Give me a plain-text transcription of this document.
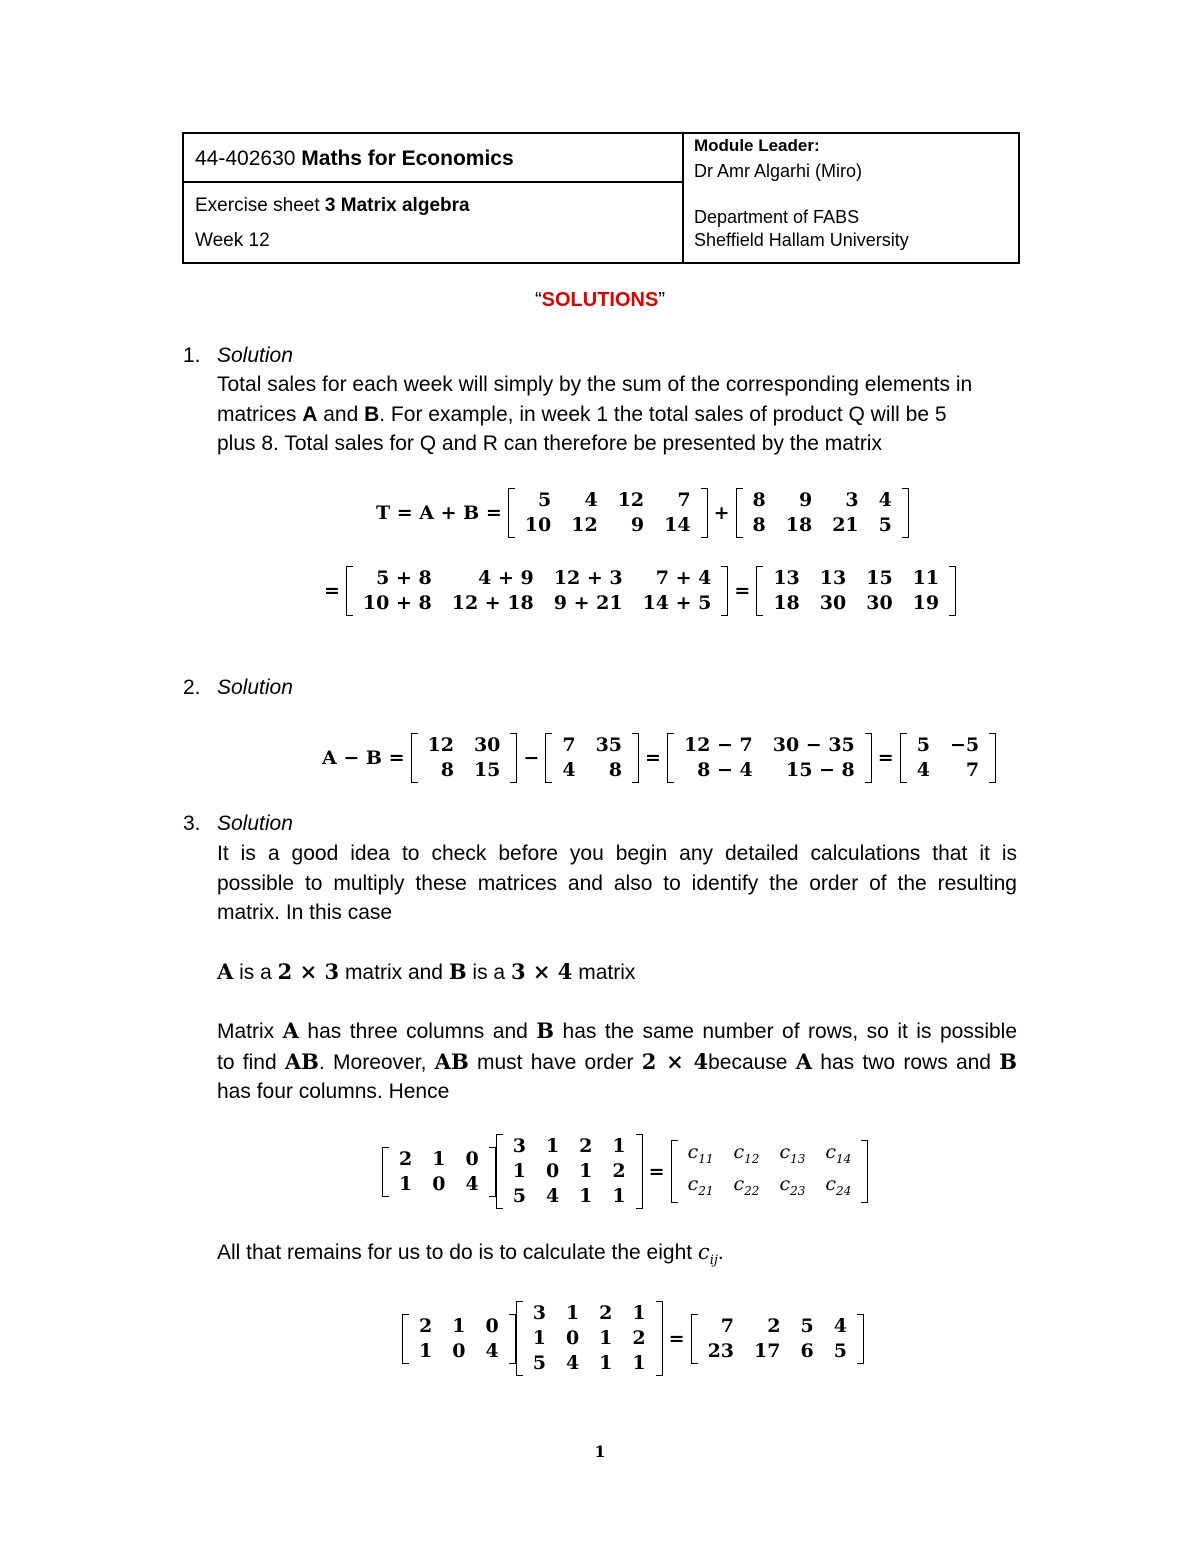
44-402630 Maths for Economics
Exercise sheet 3 Matrix algebra
Week 12
Module Leader:
Dr Amr Algarhi (Miro)
Department of FABS
Sheffield Hallam University
“SOLUTIONS”
1. Solution
Total sales for each week will simply by the sum of the corresponding elements in
matrices A and B. For example, in week 1 the total sales of product Q will be 5
plus 8. Total sales for Q and R can therefore be presented by the matrix
T = A + B =
5	4	12	7
10	12	9	14
+
8	9	3	4
8	18	21	5
=
5 + 8	4 + 9	12 + 3	7 + 4
10 + 8	12 + 18	9 + 21	14 + 5
=
13	13	15	11
18	30	30	19
2. Solution
A − B =
12	30
8	15
−
7	35
4	8
=
12 − 7	30 − 35
8 − 4	15 − 8
=
5	−5
4	7
3. Solution
It is a good idea to check before you begin any detailed calculations that it is
possible to multiply these matrices and also to identify the order of the resulting
matrix. In this case
A is a 2 × 3 matrix and B is a 3 × 4 matrix
Matrix A has three columns and B has the same number of rows, so it is possible
to find AB. Moreover, AB must have order 2 × 4because A has two rows and B
has four columns. Hence
2	1	0
1	0	4
3	1	2	1
1	0	1	2
5	4	1	1
=
$c_{11}$	$c_{12}$	$c_{13}$	$c_{14}$
$c_{21}$	$c_{22}$	$c_{23}$	$c_{24}$
All that remains for us to do is to calculate the eight $c_{ij}$.
2	1	0
1	0	4
3	1	2	1
1	0	1	2
5	4	1	1
=
7	2	5	4
23	17	6	5
1
